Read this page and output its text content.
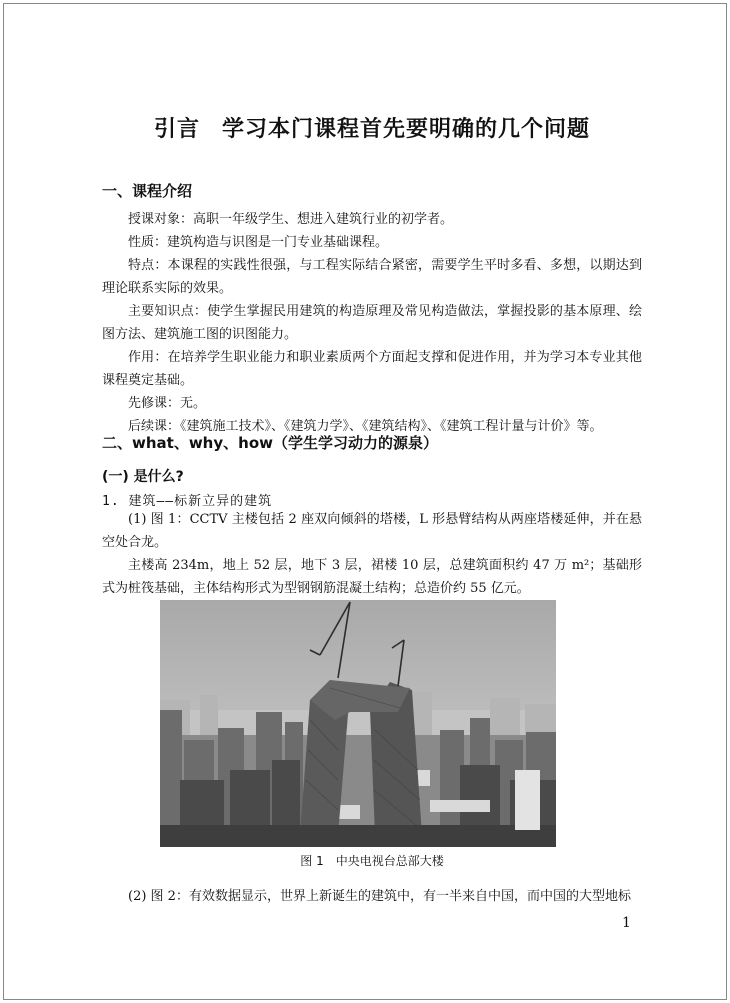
引言 学习本门课程首先要明确的几个问题
一、课程介绍

授课对象：高职一年级学生、想进入建筑行业的初学者。

性质：建筑构造与识图是一门专业基础课程。

特点：本课程的实践性很强，与工程实际结合紧密，需要学生平时多看、多想，以期达到理论联系实际的效果。

主要知识点：使学生掌握民用建筑的构造原理及常见构造做法，掌握投影的基本原理、绘图方法、建筑施工图的识图能力。

作用：在培养学生职业能力和职业素质两个方面起支撑和促进作用，并为学习本专业其他课程奠定基础。

先修课：无。

后续课：《建筑施工技术》、《建筑力学》、《建筑结构》、《建筑工程计量与计价》等。

二、what、why、how（学生学习动力的源泉）
(一) 是什么?
1. 建筑——标新立异的建筑

(1) 图 1：CCTV 主楼包括 2 座双向倾斜的塔楼，L 形悬臂结构从两座塔楼延伸，并在悬空处合龙。

主楼高 234m，地上 52 层，地下 3 层，裙楼 10 层，总建筑面积约 47 万 m²；基础形式为桩筏基础，主体结构形式为型钢钢筋混凝土结构；总造价约 55 亿元。

图 1　中央电视台总部大楼

(2) 图 2：有效数据显示，世界上新诞生的建筑中，有一半来自中国，而中国的大型地标

1
